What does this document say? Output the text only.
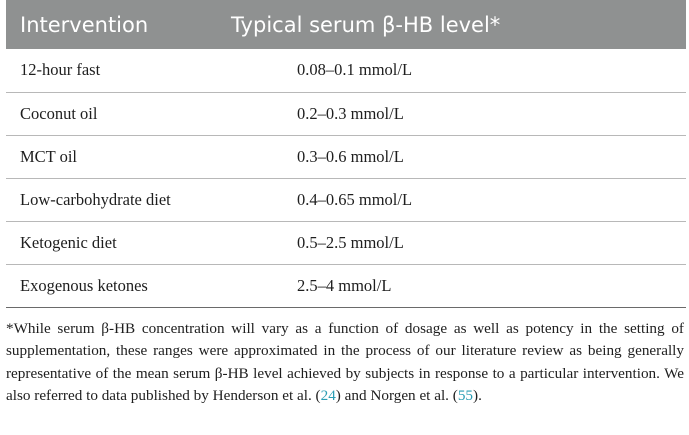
Intervention	Typical serum β-HB level*
12-hour fast	0.08–0.1 mmol/L
Coconut oil	0.2–0.3 mmol/L
MCT oil	0.3–0.6 mmol/L
Low-carbohydrate diet	0.4–0.65 mmol/L
Ketogenic diet	0.5–2.5 mmol/L
Exogenous ketones	2.5–4 mmol/L

*While serum β-HB concentration will vary as a function of dosage as well as potency in the setting of supplementation, these ranges were approximated in the process of our literature review as being generally representative of the mean serum β-HB level achieved by subjects in response to a particular intervention. We also referred to data published by Henderson et al. (24) and Norgen et al. (55).
